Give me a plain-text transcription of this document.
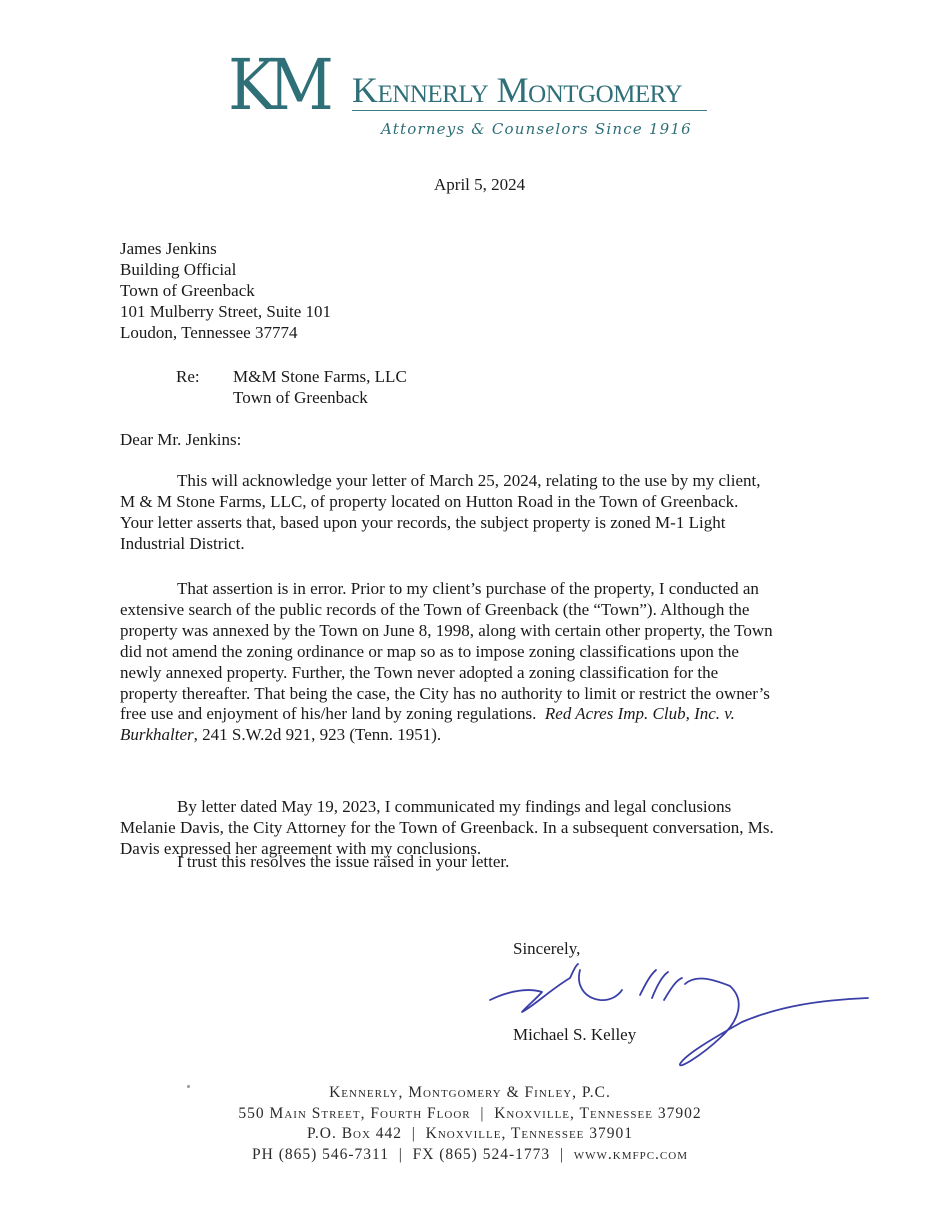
KM Kennerly Montgomery
Attorneys & Counselors Since 1916
April 5, 2024
James Jenkins
Building Official
Town of Greenback
101 Mulberry Street, Suite 101
Loudon, Tennessee 37774
Re: M&M Stone Farms, LLC
Town of Greenback
Dear Mr. Jenkins:
This will acknowledge your letter of March 25, 2024, relating to the use by my client,
M & M Stone Farms, LLC, of property located on Hutton Road in the Town of Greenback.
Your letter asserts that, based upon your records, the subject property is zoned M-1 Light
Industrial District.
That assertion is in error. Prior to my client’s purchase of the property, I conducted an
extensive search of the public records of the Town of Greenback (the “Town”). Although the
property was annexed by the Town on June 8, 1998, along with certain other property, the Town
did not amend the zoning ordinance or map so as to impose zoning classifications upon the
newly annexed property. Further, the Town never adopted a zoning classification for the
property thereafter. That being the case, the City has no authority to limit or restrict the owner’s
free use and enjoyment of his/her land by zoning regulations.  Red Acres Imp. Club, Inc. v.
Burkhalter, 241 S.W.2d 921, 923 (Tenn. 1951).
By letter dated May 19, 2023, I communicated my findings and legal conclusions
Melanie Davis, the City Attorney for the Town of Greenback. In a subsequent conversation, Ms.
Davis expressed her agreement with my conclusions.
I trust this resolves the issue raised in your letter.
Sincerely,
Michael S. Kelley
Kennerly, Montgomery & Finley, P.C.
550 Main Street, Fourth Floor  |  Knoxville, Tennessee 37902
P.O. Box 442  |  Knoxville, Tennessee 37901
PH (865) 546-7311  |  FX (865) 524-1773  |  www.kmfpc.com
